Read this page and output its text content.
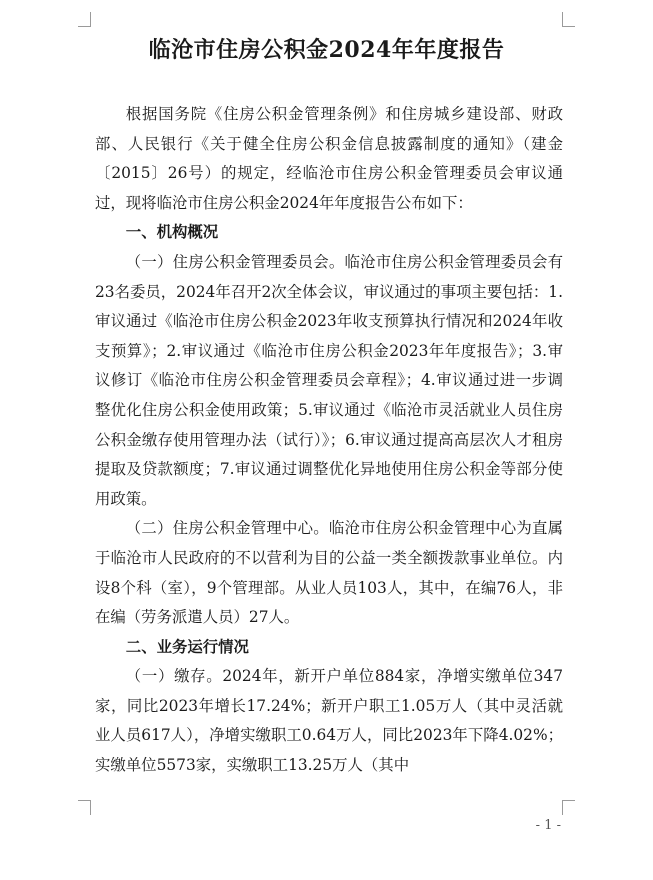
临沧市住房公积金2024年年度报告

根据国务院《住房公积金管理条例》和住房城乡建设部、财政部、人民银行《关于健全住房公积金信息披露制度的通知》（建金〔2015〕26号）的规定，经临沧市住房公积金管理委员会审议通过，现将临沧市住房公积金2024年年度报告公布如下：

一、机构概况

（一）住房公积金管理委员会。临沧市住房公积金管理委员会有23名委员，2024年召开2次全体会议，审议通过的事项主要包括：1.审议通过《临沧市住房公积金2023年收支预算执行情况和2024年收支预算》；2.审议通过《临沧市住房公积金2023年年度报告》；3.审议修订《临沧市住房公积金管理委员会章程》；4.审议通过进一步调整优化住房公积金使用政策；5.审议通过《临沧市灵活就业人员住房公积金缴存使用管理办法（试行）》；6.审议通过提高高层次人才租房提取及贷款额度；7.审议通过调整优化异地使用住房公积金等部分使用政策。

（二）住房公积金管理中心。临沧市住房公积金管理中心为直属于临沧市人民政府的不以营利为目的公益一类全额拨款事业单位。内设8个科（室），9个管理部。从业人员103人，其中，在编76人，非在编（劳务派遣人员）27人。

二、业务运行情况

（一）缴存。2024年，新开户单位884家，净增实缴单位347家，同比2023年增长17.24%；新开户职工1.05万人（其中灵活就业人员617人），净增实缴职工0.64万人，同比2023年下降4.02%；实缴单位5573家，实缴职工13.25万人（其中

- 1 -
